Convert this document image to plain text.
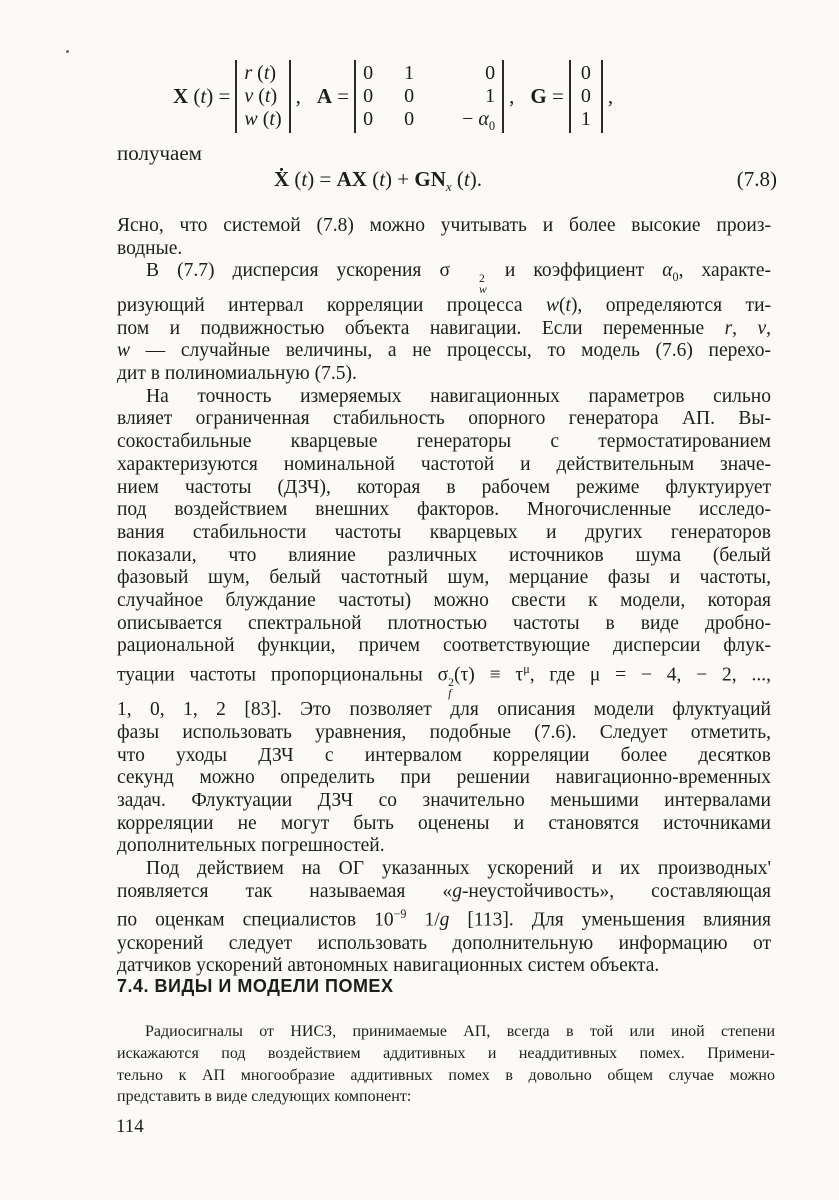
X (t) =
r (t)
v (t)
w (t)
, A =
0	1	0
0	0	1
0	0	− $\alpha_0$
, G =
0
0
1
,
получаем
Ẋ (t) = AX $(t) + GN_x$ (t).	(7.8)
Ясно, что системой (7.8) можно учитывать и более высокие произ-
водные.
В (7.7) дисперсия ускорения σ	2
w
и коэффициент $\alpha_0$, характе-
ризующий интервал корреляции процесса w(t), определяются ти-
пом и подвижностью объекта навигации. Если переменные r, v,
w — случайные величины, а не процессы, то модель (7.6) перехо-
дит в полиномиальную (7.5).
На точность измеряемых навигационных параметров сильно
влияет ограниченная стабильность опорного генератора АП. Вы-
сокостабильные кварцевые генераторы с термостатированием
характеризуются номинальной частотой и действительным значе-
нием частоты (ДЗЧ), которая в рабочем режиме флуктуирует
под воздействием внешних факторов. Многочисленные исследо-
вания стабильности частоты кварцевых и других генераторов
показали, что влияние различных источников шума (белый
фазовый шум, белый частотный шум, мерцание фазы и частоты,
случайное блуждание частоты) можно свести к модели, которая
описывается спектральной плотностью частоты в виде дробно-
рациональной функции, причем соответствующие дисперсии флук-
туации частоты пропорциональны σ 2
f
$(\tau) \equiv \tau^\mu$, где μ = − 4, − 2, ...,
1, 0, 1, 2 [83]. Это позволяет для описания модели флуктуаций
фазы использовать уравнения, подобные (7.6). Следует отметить,
что уходы ДЗЧ с интервалом корреляции более десятков
секунд можно определить при решении навигационно-временных
задач. Флуктуации ДЗЧ со значительно меньшими интервалами
корреляции не могут быть оценены и становятся источниками
дополнительных погрешностей.
Под действием на ОГ указанных ускорений и их производных'
появляется так называемая «g-неустойчивость», составляющая
по оценкам специалистов $10^{-9}$ 1/g [113]. Для уменьшения влияния
ускорений следует использовать дополнительную информацию от
датчиков ускорений автономных навигационных систем объекта.
7.4. ВИДЫ И МОДЕЛИ ПОМЕХ
Радиосигналы от НИСЗ, принимаемые АП, всегда в той или иной степени
искажаются под воздействием аддитивных и неаддитивных помех. Примени-
тельно к АП многообразие аддитивных помех в довольно общем случае можно
представить в виде следующих компонент:
114
